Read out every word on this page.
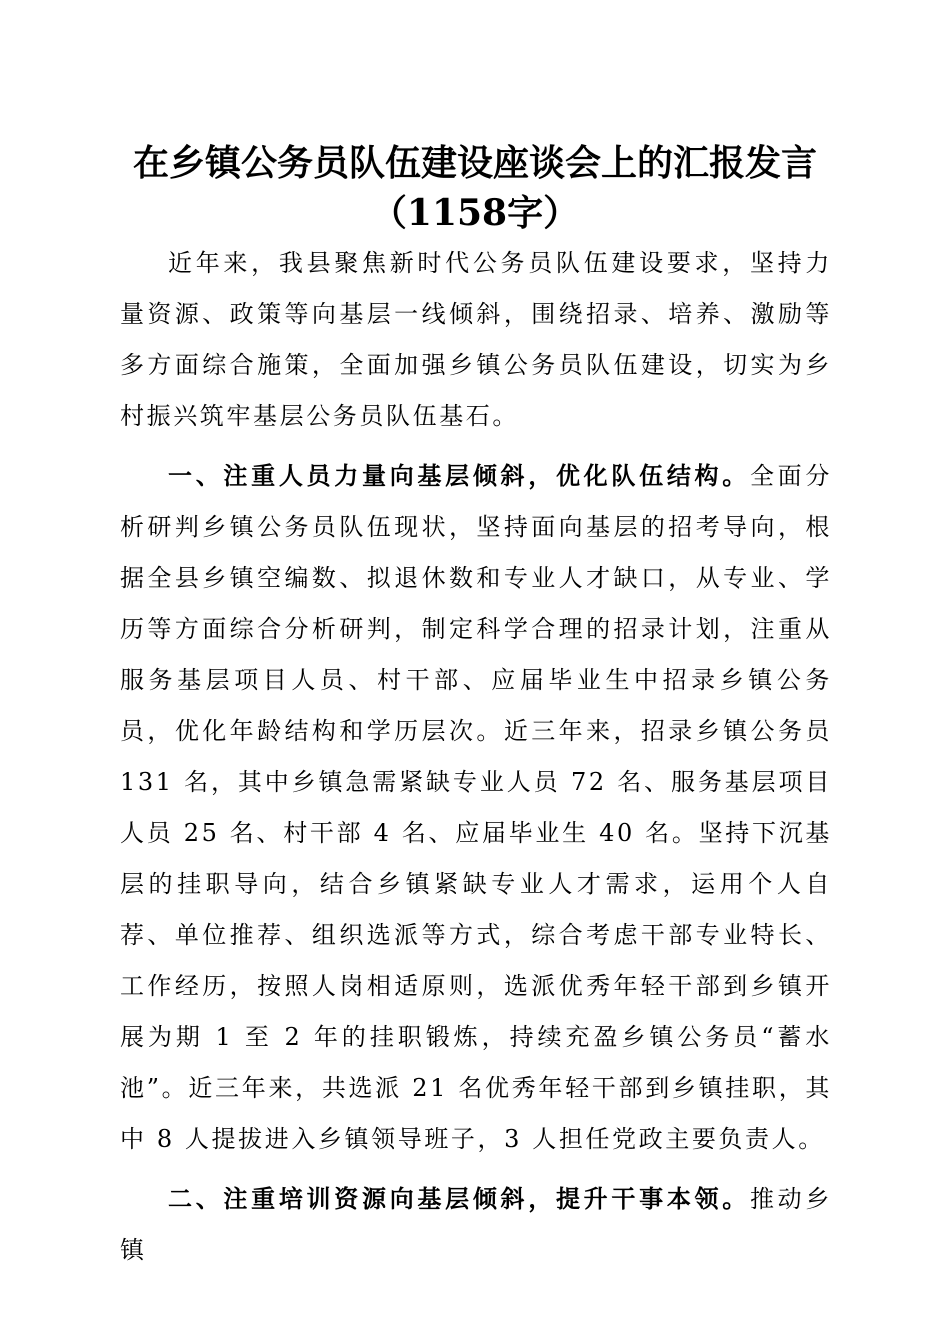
在乡镇公务员队伍建设座谈会上的汇报发言
（1158字）

近年来，我县聚焦新时代公务员队伍建设要求，坚持力量资源、政策等向基层一线倾斜，围绕招录、培养、激励等多方面综合施策，全面加强乡镇公务员队伍建设，切实为乡村振兴筑牢基层公务员队伍基石。

一、注重人员力量向基层倾斜，优化队伍结构。全面分析研判乡镇公务员队伍现状，坚持面向基层的招考导向，根据全县乡镇空编数、拟退休数和专业人才缺口，从专业、学历等方面综合分析研判，制定科学合理的招录计划，注重从服务基层项目人员、村干部、应届毕业生中招录乡镇公务员，优化年龄结构和学历层次。近三年来，招录乡镇公务员 131 名，其中乡镇急需紧缺专业人员 72 名、服务基层项目人员 25 名、村干部 4 名、应届毕业生 40 名。坚持下沉基层的挂职导向，结合乡镇紧缺专业人才需求，运用个人自荐、单位推荐、组织选派等方式，综合考虑干部专业特长、工作经历，按照人岗相适原则，选派优秀年轻干部到乡镇开展为期 1 至 2 年的挂职锻炼，持续充盈乡镇公务员“蓄水池”。近三年来，共选派 21 名优秀年轻干部到乡镇挂职，其中 8 人提拔进入乡镇领导班子，3 人担任党政主要负责人。

二、注重培训资源向基层倾斜，提升干事本领。推动乡镇
